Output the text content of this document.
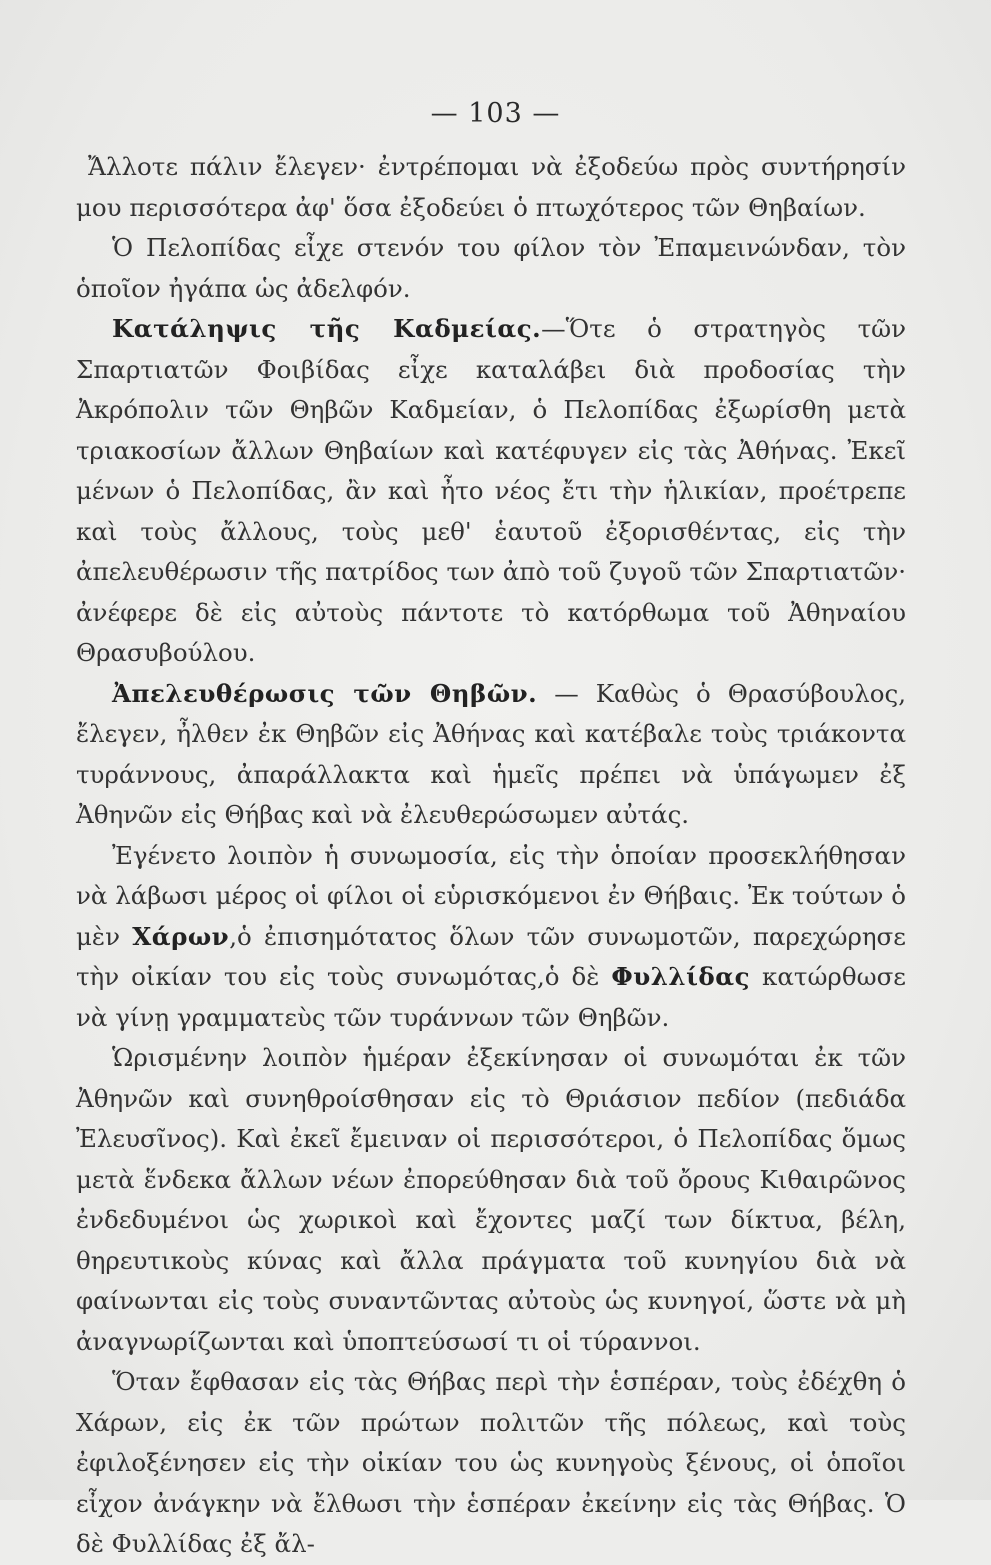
— 103 —

Ἄλλοτε πάλιν ἔλεγεν· ἐντρέπομαι νὰ ἐξοδεύω πρὸς συντήρησίν μου περισσότερα ἀφ' ὅσα ἐξοδεύει ὁ πτωχότερος τῶν Θηβαίων.

Ὁ Πελοπίδας εἶχε στενόν του φίλον τὸν Ἐπαμεινώνδαν, τὸν ὁποῖον ἠγάπα ὡς ἀδελφόν.

Κατάληψις τῆς Καδμείας.—Ὅτε ὁ στρατηγὸς τῶν Σπαρτιατῶν Φοιβίδας εἶχε καταλάβει διὰ προδοσίας τὴν Ἀκρόπολιν τῶν Θηβῶν Καδμείαν, ὁ Πελοπίδας ἐξωρίσθη μετὰ τριακοσίων ἄλλων Θηβαίων καὶ κατέφυγεν εἰς τὰς Ἀθήνας. Ἐκεῖ μένων ὁ Πελοπίδας, ἂν καὶ ἦτο νέος ἔτι τὴν ἡλικίαν, προέτρεπε καὶ τοὺς ἄλλους, τοὺς μεθ' ἑαυτοῦ ἐξορισθέντας, εἰς τὴν ἀπελευθέρωσιν τῆς πατρίδος των ἀπὸ τοῦ ζυγοῦ τῶν Σπαρτιατῶν· ἀνέφερε δὲ εἰς αὐτοὺς πάντοτε τὸ κατόρθωμα τοῦ Ἀθηναίου Θρασυβούλου.

Ἀπελευθέρωσις τῶν Θηβῶν. — Καθὼς ὁ Θρασύβουλος, ἔλεγεν, ἦλθεν ἐκ Θηβῶν εἰς Ἀθήνας καὶ κατέβαλε τοὺς τριάκοντα τυράννους, ἀπαράλλακτα καὶ ἡμεῖς πρέπει νὰ ὑπάγωμεν ἐξ Ἀθηνῶν εἰς Θήβας καὶ νὰ ἐλευθερώσωμεν αὐτάς.

Ἐγένετο λοιπὸν ἡ συνωμοσία, εἰς τὴν ὁποίαν προσεκλήθησαν νὰ λάβωσι μέρος οἱ φίλοι οἱ εὑρισκόμενοι ἐν Θήβαις. Ἐκ τούτων ὁ μὲν Χάρων,ὁ ἐπισημότατος ὅλων τῶν συνωμοτῶν, παρεχώρησε τὴν οἰκίαν του εἰς τοὺς συνωμότας,ὁ δὲ Φυλλίδας κατώρθωσε νὰ γίνῃ γραμματεὺς τῶν τυράννων τῶν Θηβῶν.

Ὡρισμένην λοιπὸν ἡμέραν ἐξεκίνησαν οἱ συνωμόται ἐκ τῶν Ἀθηνῶν καὶ συνηθροίσθησαν εἰς τὸ Θριάσιον πεδίον (πεδιάδα Ἐλευσῖνος). Καὶ ἐκεῖ ἔμειναν οἱ περισσότεροι, ὁ Πελοπίδας ὅμως μετὰ ἕνδεκα ἄλλων νέων ἐπορεύθησαν διὰ τοῦ ὄρους Κιθαιρῶνος ἐνδεδυμένοι ὡς χωρικοὶ καὶ ἔχοντες μαζί των δίκτυα, βέλη, θηρευτικοὺς κύνας καὶ ἄλλα πράγματα τοῦ κυνηγίου διὰ νὰ φαίνωνται εἰς τοὺς συναντῶντας αὐτοὺς ὡς κυνηγοί, ὥστε νὰ μὴ ἀναγνωρίζωνται καὶ ὑποπτεύσωσί τι οἱ τύραννοι.

Ὅταν ἔφθασαν εἰς τὰς Θήβας περὶ τὴν ἑσπέραν, τοὺς ἐδέχθη ὁ Χάρων, εἰς ἐκ τῶν πρώτων πολιτῶν τῆς πόλεως, καὶ τοὺς ἐφιλοξένησεν εἰς τὴν οἰκίαν του ὡς κυνηγοὺς ξένους, οἱ ὁποῖοι εἶχον ἀνάγκην νὰ ἔλθωσι τὴν ἑσπέραν ἐκείνην εἰς τὰς Θήβας. Ὁ δὲ Φυλλίδας ἐξ ἄλ-
